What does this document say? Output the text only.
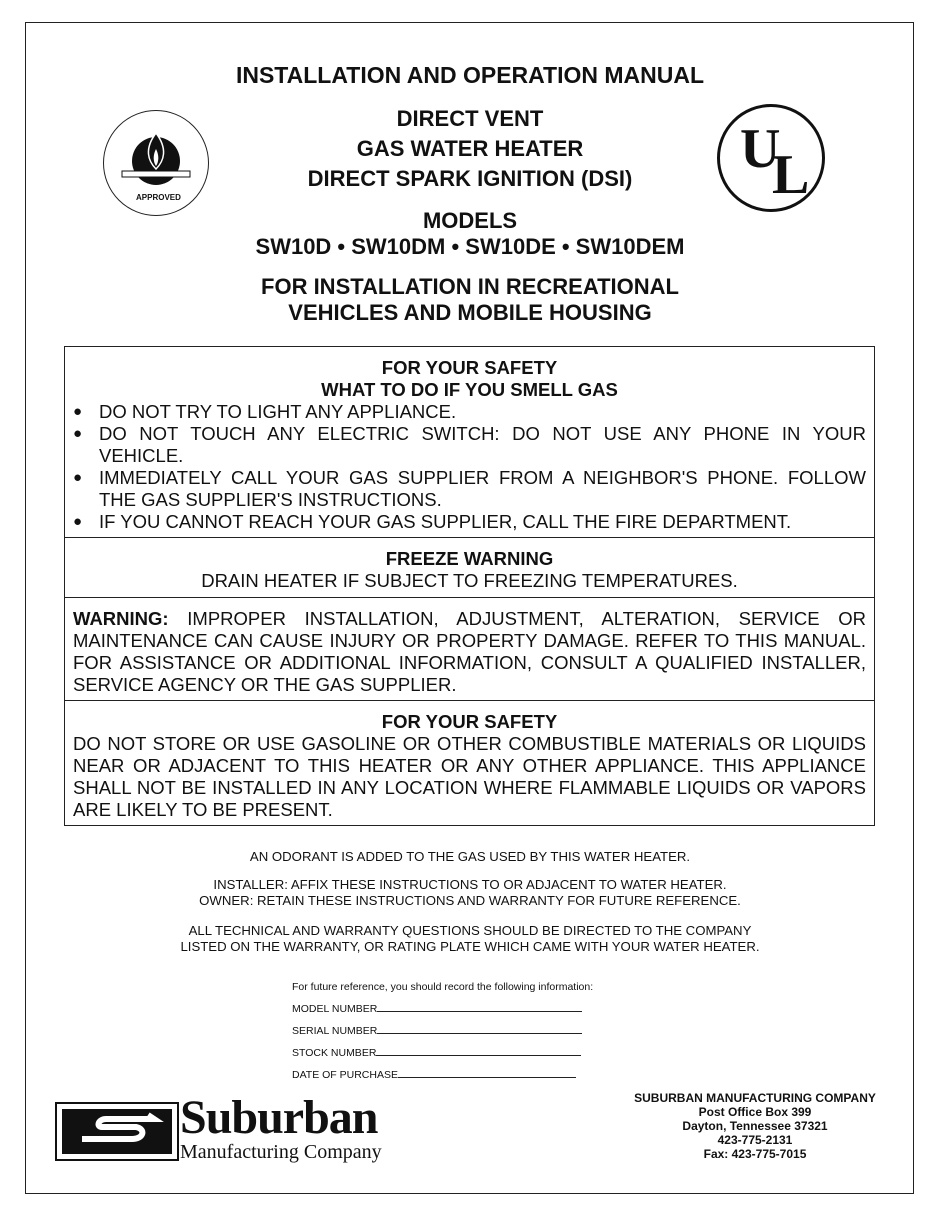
INSTALLATION AND OPERATION MANUAL
DIRECT VENT
GAS WATER HEATER
DIRECT SPARK IGNITION (DSI)
MODELS
SW10D • SW10DM • SW10DE • SW10DEM
FOR INSTALLATION IN RECREATIONAL
VEHICLES AND MOBILE HOUSING
APPROVED
U
L
FOR YOUR SAFETY
WHAT TO DO IF YOU SMELL GAS
● DO NOT TRY TO LIGHT ANY APPLIANCE.
● DO NOT TOUCH ANY ELECTRIC SWITCH: DO NOT USE ANY PHONE IN YOUR VEHICLE.
● IMMEDIATELY CALL YOUR GAS SUPPLIER FROM A NEIGHBOR'S PHONE. FOLLOW THE GAS SUPPLIER'S INSTRUCTIONS.
● IF YOU CANNOT REACH YOUR GAS SUPPLIER, CALL THE FIRE DEPARTMENT.
FREEZE WARNING
DRAIN HEATER IF SUBJECT TO FREEZING TEMPERATURES.
WARNING: IMPROPER INSTALLATION, ADJUSTMENT, ALTERATION, SERVICE OR MAINTENANCE CAN CAUSE INJURY OR PROPERTY DAMAGE. REFER TO THIS MANUAL. FOR ASSISTANCE OR ADDITIONAL INFORMATION, CONSULT A QUALIFIED INSTALLER, SERVICE AGENCY OR THE GAS SUPPLIER.
FOR YOUR SAFETY
DO NOT STORE OR USE GASOLINE OR OTHER COMBUSTIBLE MATERIALS OR LIQUIDS NEAR OR ADJACENT TO THIS HEATER OR ANY OTHER APPLIANCE. THIS APPLIANCE SHALL NOT BE INSTALLED IN ANY LOCATION WHERE FLAMMABLE LIQUIDS OR VAPORS ARE LIKELY TO BE PRESENT.
AN ODORANT IS ADDED TO THE GAS USED BY THIS WATER HEATER.
INSTALLER: AFFIX THESE INSTRUCTIONS TO OR ADJACENT TO WATER HEATER.
OWNER: RETAIN THESE INSTRUCTIONS AND WARRANTY FOR FUTURE REFERENCE.
ALL TECHNICAL AND WARRANTY QUESTIONS SHOULD BE DIRECTED TO THE COMPANY
LISTED ON THE WARRANTY, OR RATING PLATE WHICH CAME WITH YOUR WATER HEATER.
For future reference, you should record the following information:
MODEL NUMBER
SERIAL NUMBER
STOCK NUMBER
DATE OF PURCHASE
Suburban
Manufacturing Company
SUBURBAN MANUFACTURING COMPANY
Post Office Box 399
Dayton, Tennessee 37321
423-775-2131
Fax: 423-775-7015
